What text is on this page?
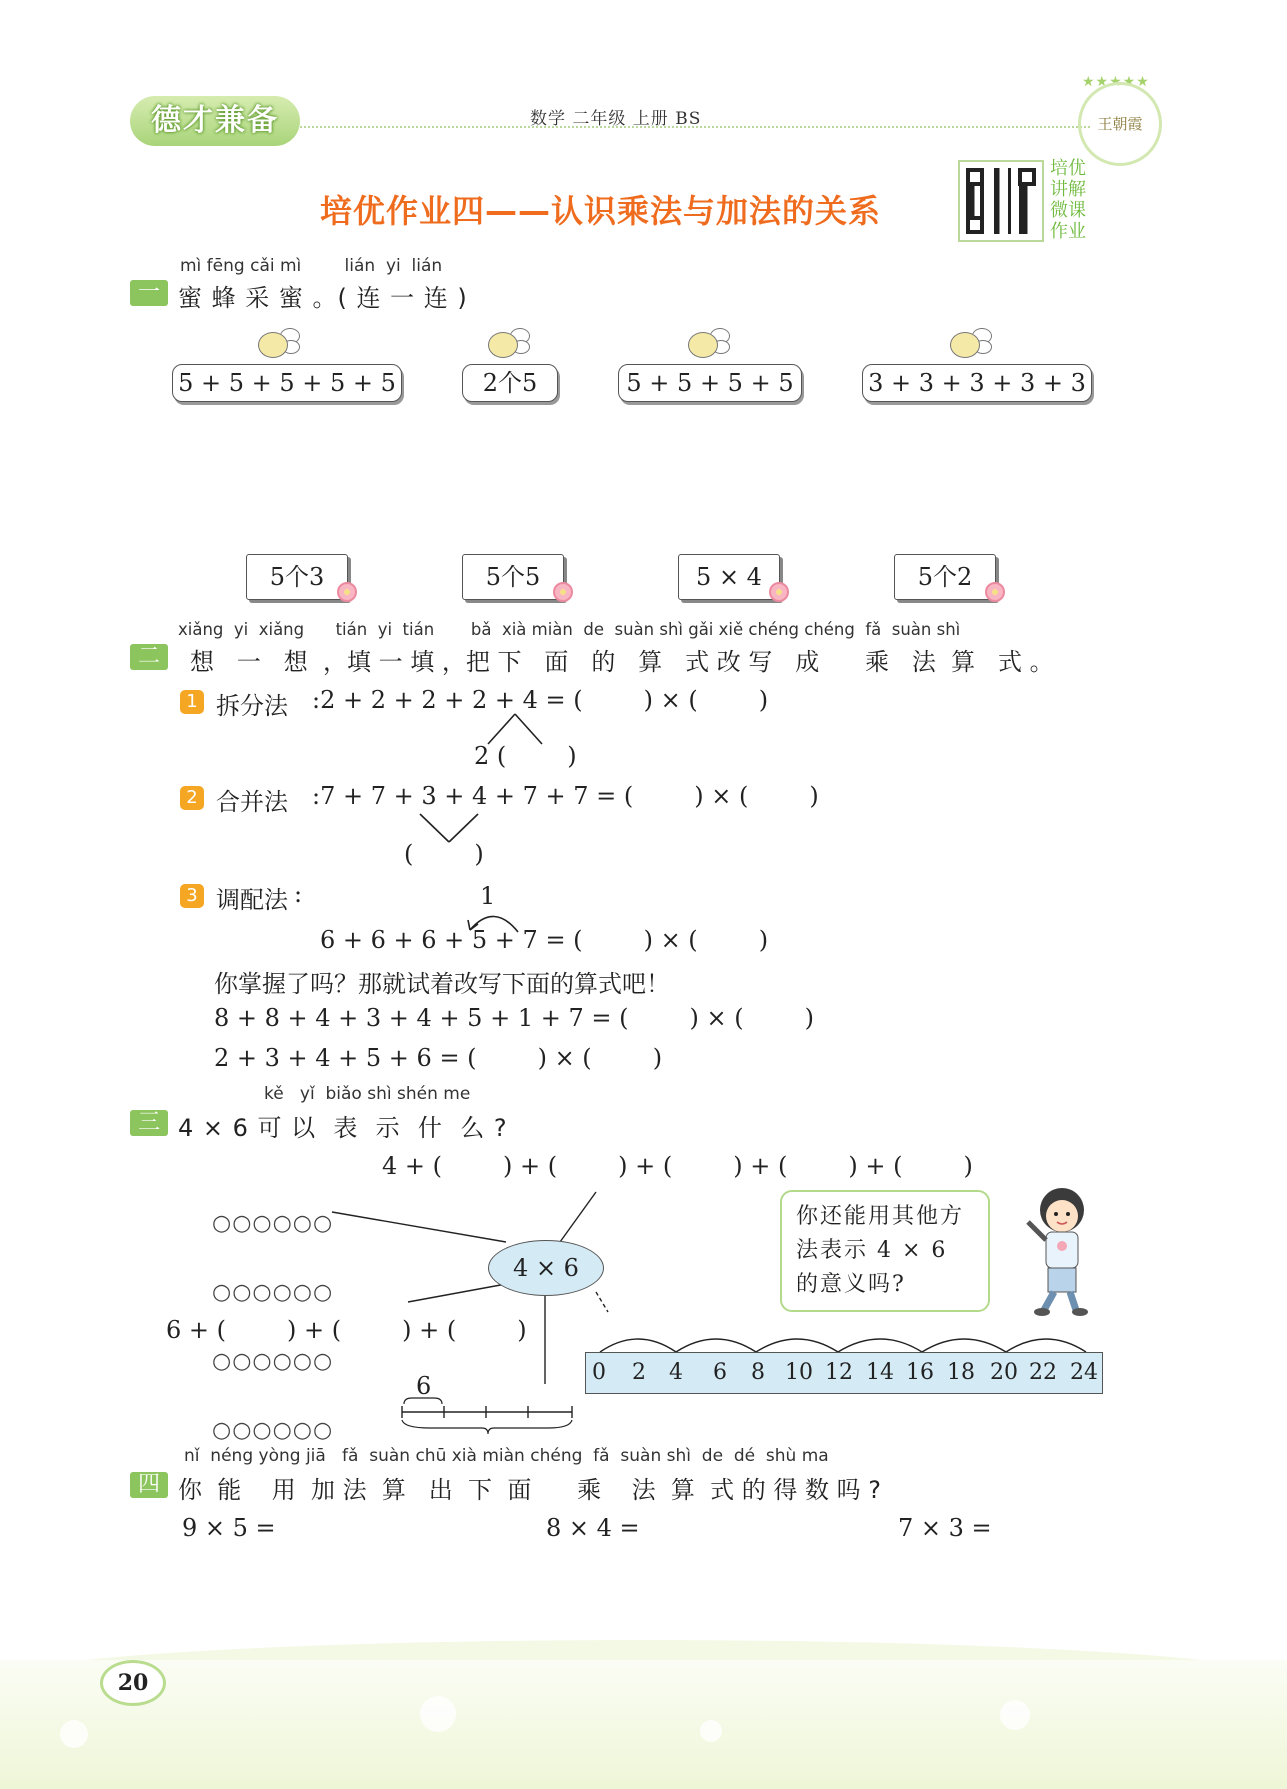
德才兼备	数学 二年级 上册 BS
★★★★★
王朝霞
培优作业四——认识乘法与加法的关系
培优
讲解
微课
作业
mì fēng cǎi mì        lián  yi  lián
一 蜜 蜂 采 蜜 。( 连 一 连 )
5 + 5 + 5 + 5 + 5	2个5	5 + 5 + 5 + 5	3 + 3 + 3 + 3 + 3
5个3	5个5	5 × 4	5个2
xiǎng  yi  xiǎng      tián  yi  tián       bǎ  xià miàn  de  suàn shì gǎi xiě chéng chéng  fǎ  suàn shì
二	想   一   想  ，填 一 填 ，把 下   面   的   算   式 改 写   成      乘   法  算   式 。
1 拆分法 :2 + 2 + 2 + 2 + 4 = (        ) × (        )
2 (        )
2 合并法 :7 + 7 + 3 + 4 + 7 + 7 = (        ) × (        )
(        )
3 调配法 :	1
6 + 6 + 6 + 5 + 7 = (        ) × (        )
你掌握了吗？那就试着改写下面的算式吧！
8 + 8 + 4 + 3 + 4 + 5 + 1 + 7 = (        ) × (        )
2 + 3 + 4 + 5 + 6 = (        ) × (        )
kě   yǐ  biǎo shì shén me
三 4 × 6 可 以  表  示  什  么 ?
4 + (        ) + (        ) + (        ) + (        ) + (        )

○○○○○○

○○○○○○

○○○○○○

○○○○○○

6
4 × 6
6 + (        ) + (        ) + (        )
你还能用其他方法表示 4 × 6 的意义吗?
0 2 4 6 8 10 12 14 16 18 20 22 24
nǐ  néng yòng jiā   fǎ  suàn chū xià miàn chéng  fǎ  suàn shì  de  dé  shù ma
四 你  能    用  加 法  算   出  下  面      乘    法  算  式 的 得 数 吗 ?
9 × 5 =	8 × 4 =	7 × 3 =
20
